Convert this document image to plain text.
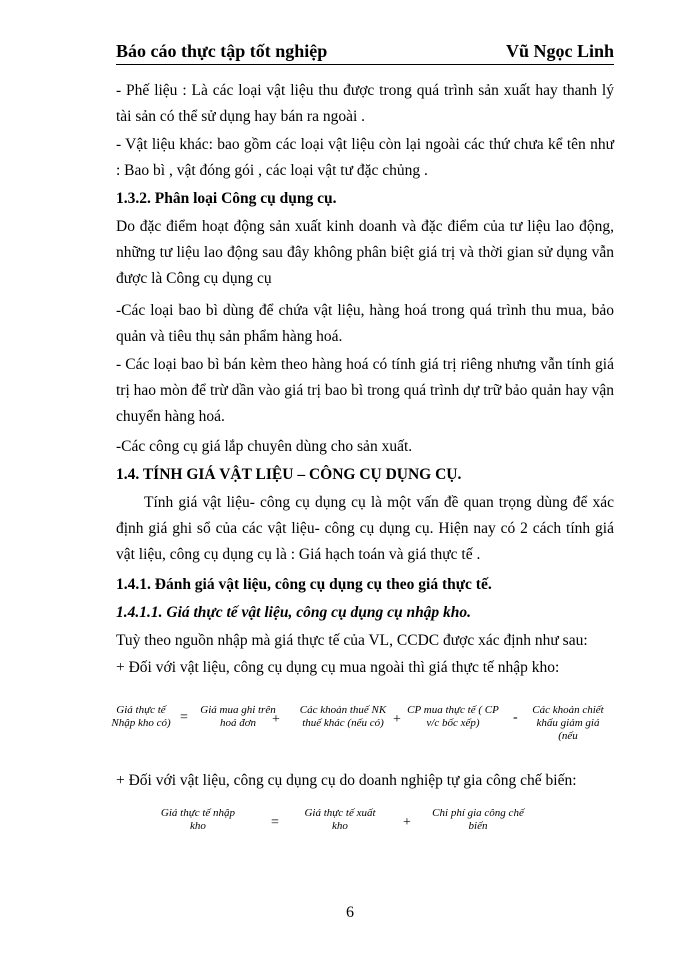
Báo cáo thực tập tốt nghiệp	Vũ Ngọc Linh
- Phế liệu : Là các loại vật liệu thu được trong quá trình sản xuất hay thanh lý tài sản có thể sử dụng hay bán ra ngoài .
- Vật liệu khác: bao gồm các loại vật liệu còn lại ngoài các thứ chưa kể tên như : Bao bì , vật đóng gói , các loại vật tư đặc chủng .
1.3.2. Phân loại Công cụ dụng cụ.
Do đặc điểm hoạt động sản xuất kinh doanh và đặc điểm của tư liệu lao động, những tư liệu lao động sau đây không phân biệt giá trị và thời gian sử dụng vẫn được là Công cụ dụng cụ
-Các loại bao bì dùng để chứa vật liệu, hàng hoá trong quá trình thu mua, bảo quản và tiêu thụ sản phẩm hàng hoá.
- Các loại bao bì bán kèm theo hàng hoá có tính giá trị riêng nhưng vẫn tính giá trị hao mòn để trừ dần vào giá trị bao bì trong quá trình dự trữ bảo quản hay vận chuyển hàng hoá.
-Các công cụ giá lắp chuyên dùng cho sản xuất.
1.4. TÍNH GIÁ VẬT LIỆU – CÔNG CỤ DỤNG CỤ.
Tính giá vật liệu- công cụ dụng cụ là một vấn đề quan trọng dùng để xác định giá ghi sổ của các vật liệu- công cụ dụng cụ. Hiện nay có 2 cách tính giá vật liệu, công cụ dụng cụ là : Giá hạch toán và giá thực tế .
1.4.1. Đánh giá vật liệu, công cụ dụng cụ theo giá thực tế.
1.4.1.1. Giá thực tế vật liệu, công cụ dụng cụ nhập kho.
Tuỳ theo nguồn nhập mà giá thực tế của VL, CCDC được xác định như sau:
+ Đối với vật liệu, công cụ dụng cụ mua ngoài thì giá thực tế nhập kho:
Giá thực tế Nhập kho có) = Giá mua ghi trên hoá đơn	+
Các khoản thuế NK thuế khác (nếu có) +
CP mua thực tế ( CP v/c bốc xếp)	-	Các khoản chiết khấu giảm giá (nếu
+ Đối với vật liệu, công cụ dụng cụ do doanh nghiệp tự gia công chế biến:
Giá thực tế nhập kho	=
Giá thực tế xuất kho	+
Chi phí gia công chế biến
6
